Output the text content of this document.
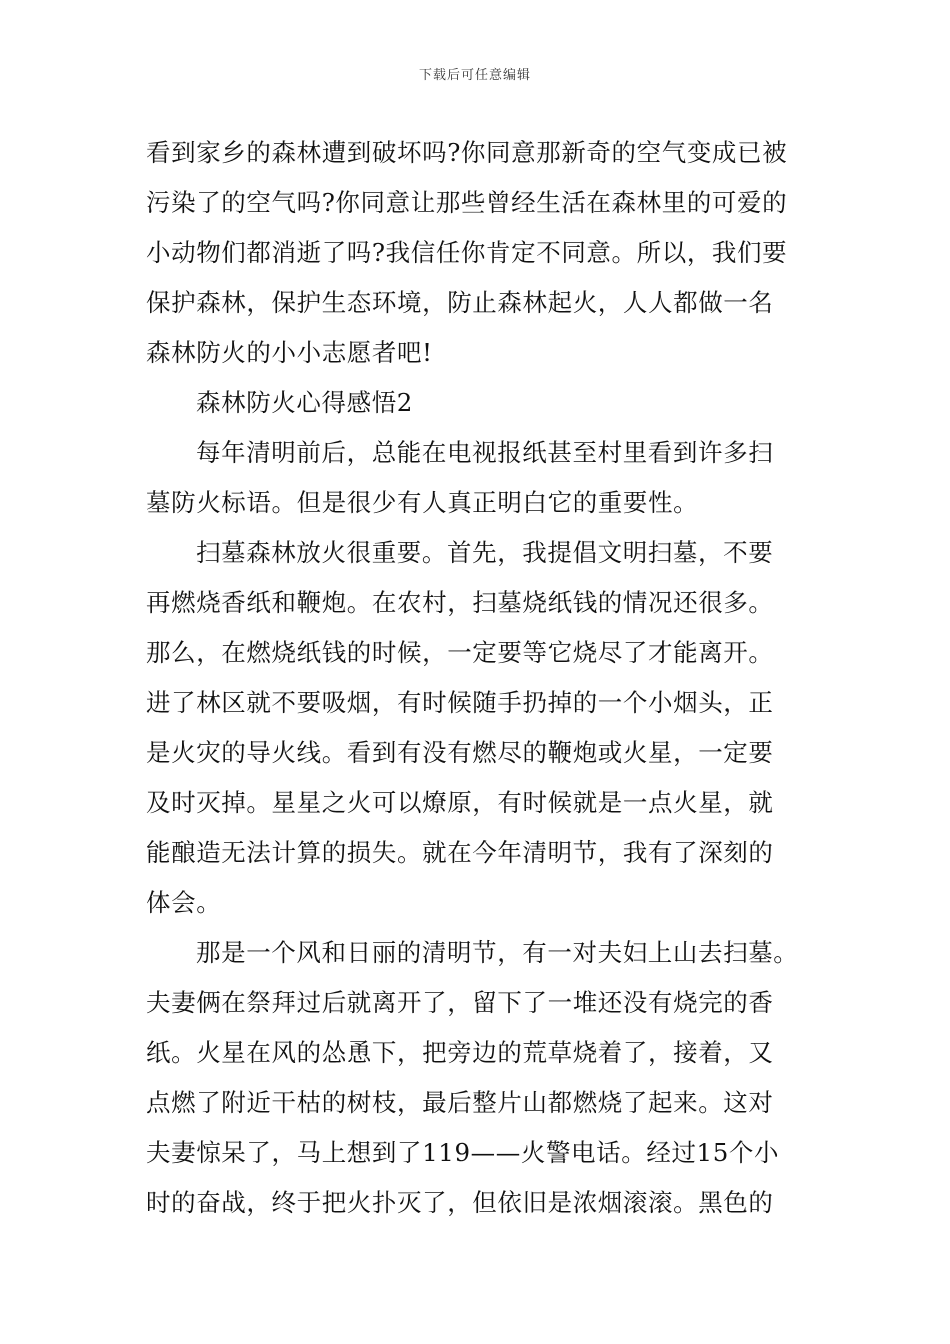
下载后可任意编辑
看到家乡的森林遭到破坏吗?你同意那新奇的空气变成已被
污染了的空气吗?你同意让那些曾经生活在森林里的可爱的
小动物们都消逝了吗?我信任你肯定不同意。所以，我们要
保护森林，保护生态环境，防止森林起火，人人都做一名
森林防火的小小志愿者吧!
森林防火心得感悟2
每年清明前后，总能在电视报纸甚至村里看到许多扫
墓防火标语。但是很少有人真正明白它的重要性。
扫墓森林放火很重要。首先，我提倡文明扫墓，不要
再燃烧香纸和鞭炮。在农村，扫墓烧纸钱的情况还很多。
那么，在燃烧纸钱的时候，一定要等它烧尽了才能离开。
进了林区就不要吸烟，有时候随手扔掉的一个小烟头，正
是火灾的导火线。看到有没有燃尽的鞭炮或火星，一定要
及时灭掉。星星之火可以燎原，有时候就是一点火星，就
能酿造无法计算的损失。就在今年清明节，我有了深刻的
体会。
那是一个风和日丽的清明节，有一对夫妇上山去扫墓。
夫妻俩在祭拜过后就离开了，留下了一堆还没有烧完的香
纸。火星在风的怂恿下，把旁边的荒草烧着了，接着，又
点燃了附近干枯的树枝，最后整片山都燃烧了起来。这对
夫妻惊呆了，马上想到了119——火警电话。经过15个小
时的奋战，终于把火扑灭了，但依旧是浓烟滚滚。黑色的
